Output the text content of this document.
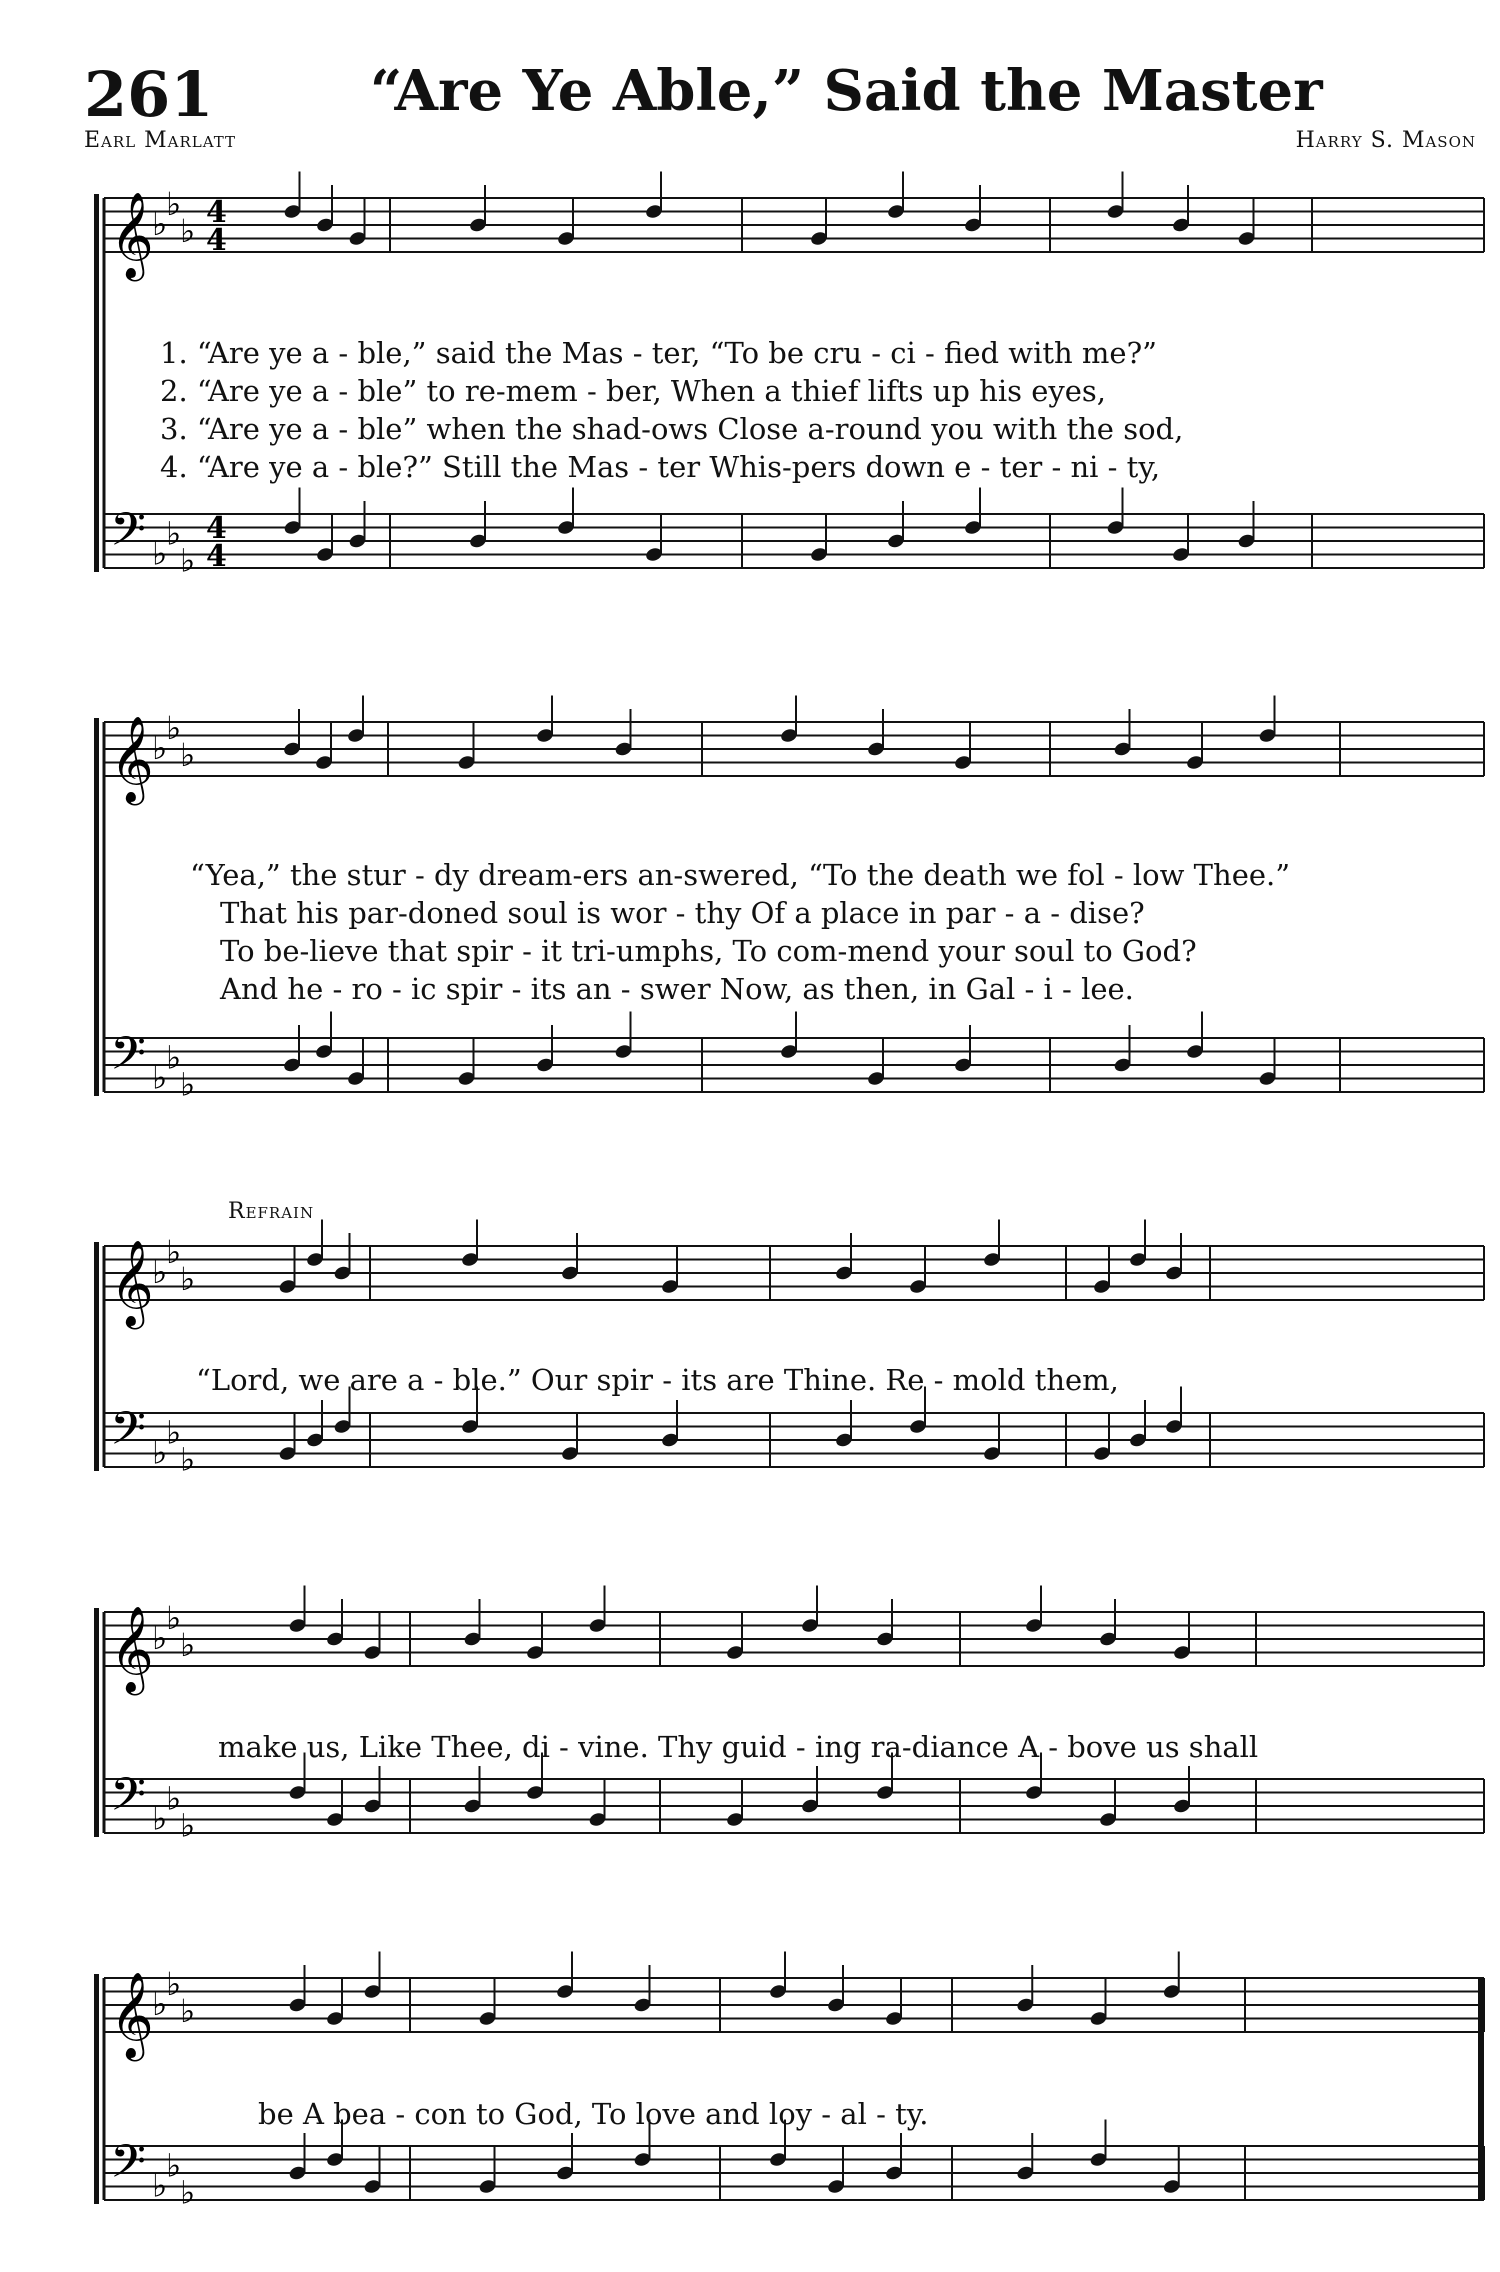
261	“Are Ye Able,” Said the Master
Earl Marlatt	Harry S. Mason
𝄞
𝄢
♭
♭
♭
♭
♭
♭
4
4
4
4
𝄞
𝄢
♭
♭
♭
♭
♭
♭
𝄞
𝄢
♭
♭
♭
♭
♭
♭
𝄞
𝄢
♭
♭
♭
♭
♭
♭
𝄞
𝄢
♭
♭
♭
♭
♭
♭
1. “Are ye a - ble,” said the Mas - ter, “To be cru - ci - fied with me?”
2. “Are ye a - ble” to re-mem - ber, When a thief lifts up his eyes,
3. “Are ye a - ble” when the shad-ows Close a-round you with the sod,
4. “Are ye a - ble?” Still the Mas - ter Whis-pers down e - ter - ni - ty,
“Yea,” the stur - dy dream-ers an-swered, “To the death we fol - low Thee.”
That his par-doned soul is wor - thy Of a place in par - a - dise?
To be-lieve that spir - it tri-umphs, To com-mend your soul to God?
And he - ro - ic spir - its an - swer Now, as then, in Gal - i - lee.
Refrain
“Lord, we are a - ble.” Our spir - its are Thine. Re - mold them,
make us, Like Thee, di - vine. Thy guid - ing ra-diance A - bove us shall
be A bea - con to God, To love and loy - al - ty.
